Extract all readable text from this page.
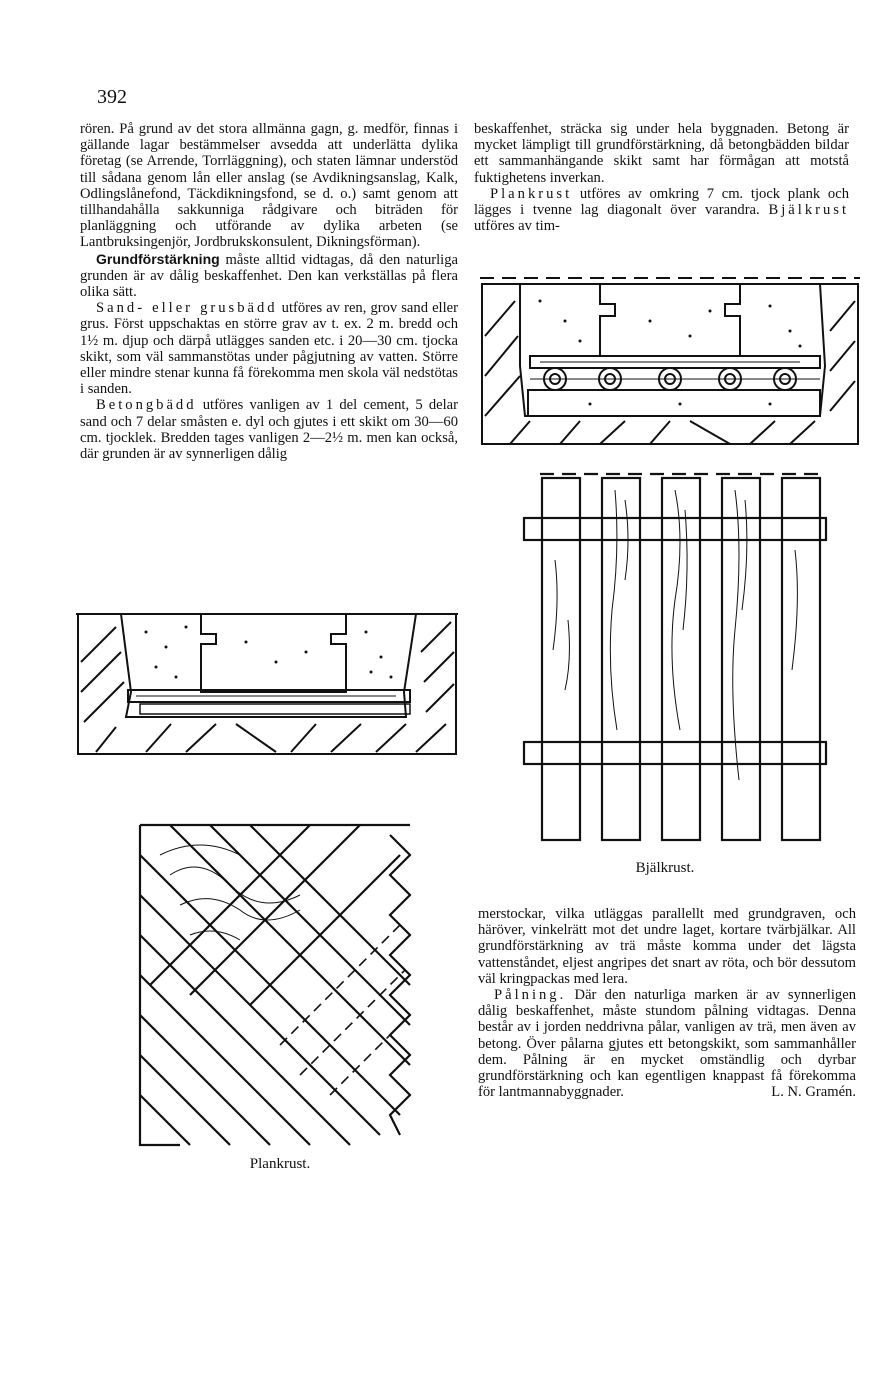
392

rören. På grund av det stora allmänna gagn, g. medför, finnas i gällande lagar bestämmelser avsedda att underlätta dylika företag (se Arrende, Torrläggning), och staten lämnar understöd till sådana genom lån eller anslag (se Avdikningsanslag, Kalk, Odlingslånefond, Täckdikningsfond, se d. o.) samt genom att tillhandahålla sakkunniga rådgivare och biträden för planläggning och utförande av dylika arbeten (se Lantbruksingenjör, Jordbrukskonsulent, Dikningsförman).

Grundförstärkning måste alltid vidtagas, då den naturliga grunden är av dålig beskaffenhet. Den kan verkställas på flera olika sätt.

Sand- eller grusbädd utföres av ren, grov sand eller grus. Först uppschaktas en större grav av t. ex. 2 m. bredd och 1½ m. djup och därpå utlägges sanden etc. i 20—30 cm. tjocka skikt, som väl sammanstötas under pågjutning av vatten. Större eller mindre stenar kunna få förekomma men skola väl nedstötas i sanden.

Betongbädd utföres vanligen av 1 del cement, 5 delar sand och 7 delar småsten e. dyl och gjutes i ett skikt om 30—60 cm. tjocklek. Bredden tages vanligen 2—2½ m. men kan också, där grunden är av synnerligen dålig

beskaffenhet, sträcka sig under hela byggnaden. Betong är mycket lämpligt till grundförstärkning, då betongbädden bildar ett sammanhängande skikt samt har förmågan att motstå fuktighetens inverkan.

Plankrust utföres av omkring 7 cm. tjock plank och lägges i tvenne lag diagonalt över varandra. Bjälkrust utföres av tim-

Plankrust.
Bjälkrust.

merstockar, vilka utläggas parallellt med grundgraven, och häröver, vinkelrätt mot det undre laget, kortare tvärbjälkar. All grundförstärkning av trä måste komma under det lägsta vattenståndet, eljest angripes det snart av röta, och bör dessutom väl kringpackas med lera.

Pålning. Där den naturliga marken är av synnerligen dålig beskaffenhet, måste stundom pålning vidtagas. Denna består av i jorden neddrivna pålar, vanligen av trä, men även av betong. Över pålarna gjutes ett betongskikt, som sammanhåller dem. Pålning är en mycket omständlig och dyrbar grundförstärkning och kan egentligen knappast få förekomma för lantmannabyggnader.	L. N. Gramén.
